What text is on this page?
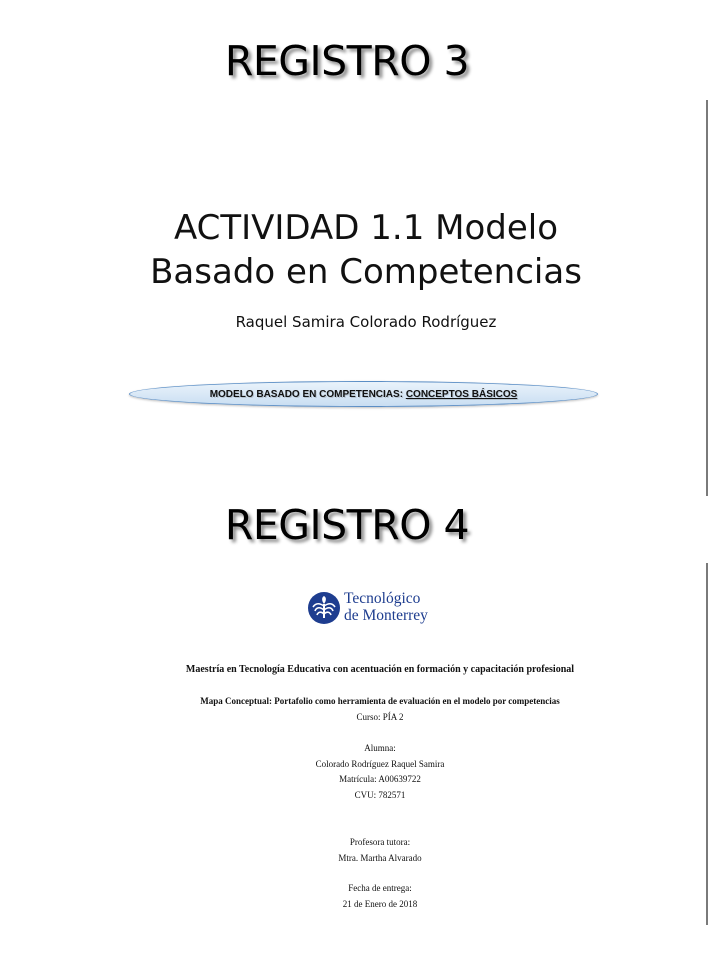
REGISTRO 3
ACTIVIDAD 1.1 Modelo
Basado en Competencias
Raquel Samira Colorado Rodríguez
MODELO BASADO EN COMPETENCIAS:
CONCEPTOS BÁSICOS
REGISTRO 4
Tecnológico
de Monterrey
Maestría en Tecnología Educativa con acentuación en formación y capacitación profesional
Mapa Conceptual: Portafolio como herramienta de evaluación en el modelo por competencias
Curso: PÍA 2
Alumna:
Colorado Rodríguez Raquel Samira
Matrícula: A00639722
CVU: 782571
Profesora tutora:
Mtra. Martha Alvarado
Fecha de entrega:
21 de Enero de 2018
